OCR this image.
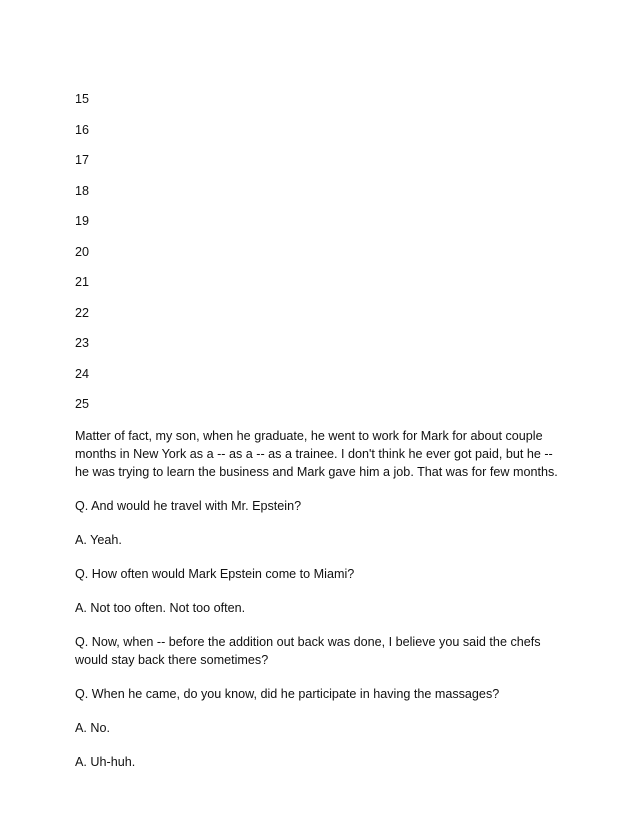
15
16
17
18
19
20
21
22
23
24
25

Matter of fact, my son, when he graduate, he went to work for Mark for about couple months in New York as a -- as a -- as a trainee. I don't think he ever got paid, but he -- he was trying to learn the business and Mark gave him a job. That was for few months.

Q. And would he travel with Mr. Epstein?

A. Yeah.

Q. How often would Mark Epstein come to Miami?

A. Not too often. Not too often.

Q. Now, when -- before the addition out back was done, I believe you said the chefs would stay back there sometimes?

Q. When he came, do you know, did he participate in having the massages?

A. No.

A. Uh-huh.
